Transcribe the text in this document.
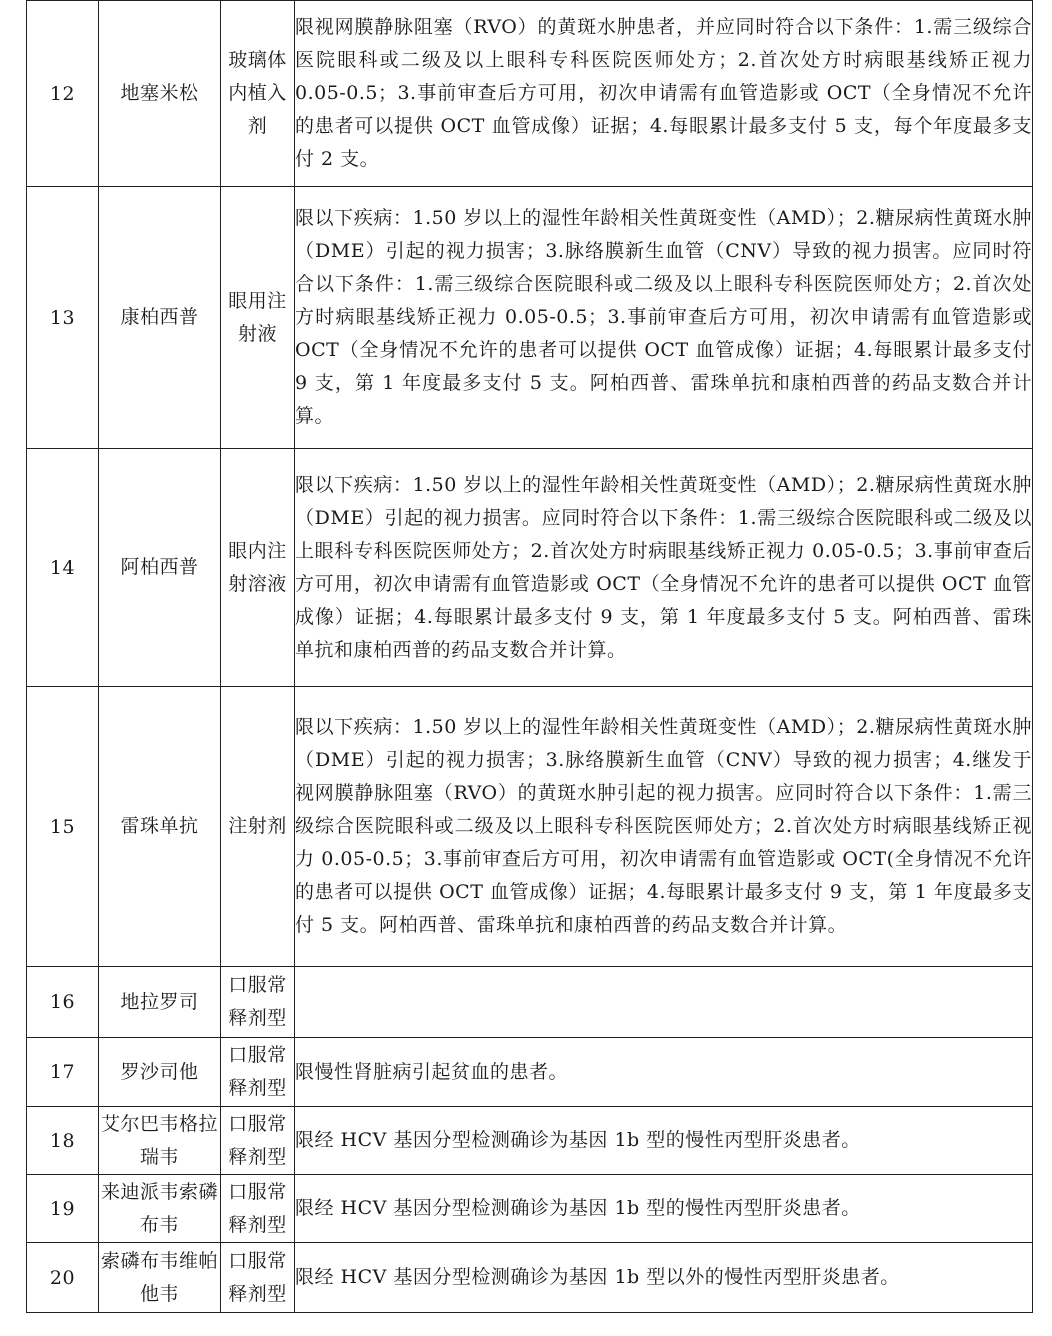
12	地塞米松	玻璃体内植入剂	限视网膜静脉阻塞（RVO）的黄斑水肿患者，并应同时符合以下条件：1.需三级综合医院眼科或二级及以上眼科专科医院医师处方；2.首次处方时病眼基线矫正视力 0.05-0.5；3.事前审查后方可用，初次申请需有血管造影或 OCT（全身情况不允许的患者可以提供 OCT 血管成像）证据；4.每眼累计最多支付 5 支，每个年度最多支付 2 支。

13	康柏西普	眼用注射液	限以下疾病：1.50 岁以上的湿性年龄相关性黄斑变性（AMD）；2.糖尿病性黄斑水肿（DME）引起的视力损害；3.脉络膜新生血管（CNV）导致的视力损害。应同时符合以下条件：1.需三级综合医院眼科或二级及以上眼科专科医院医师处方；2.首次处方时病眼基线矫正视力 0.05-0.5；3.事前审查后方可用，初次申请需有血管造影或 OCT（全身情况不允许的患者可以提供 OCT 血管成像）证据；4.每眼累计最多支付 9 支，第 1 年度最多支付 5 支。阿柏西普、雷珠单抗和康柏西普的药品支数合并计算。

14	阿柏西普	眼内注射溶液	限以下疾病：1.50 岁以上的湿性年龄相关性黄斑变性（AMD）；2.糖尿病性黄斑水肿（DME）引起的视力损害。应同时符合以下条件：1.需三级综合医院眼科或二级及以上眼科专科医院医师处方；2.首次处方时病眼基线矫正视力 0.05-0.5；3.事前审查后方可用，初次申请需有血管造影或 OCT（全身情况不允许的患者可以提供 OCT 血管成像）证据；4.每眼累计最多支付 9 支，第 1 年度最多支付 5 支。阿柏西普、雷珠单抗和康柏西普的药品支数合并计算。

15	雷珠单抗	注射剂	限以下疾病：1.50 岁以上的湿性年龄相关性黄斑变性（AMD）；2.糖尿病性黄斑水肿（DME）引起的视力损害；3.脉络膜新生血管（CNV）导致的视力损害；4.继发于视网膜静脉阻塞（RVO）的黄斑水肿引起的视力损害。应同时符合以下条件：1.需三级综合医院眼科或二级及以上眼科专科医院医师处方；2.首次处方时病眼基线矫正视力 0.05-0.5；3.事前审查后方可用，初次申请需有血管造影或 OCT(全身情况不允许的患者可以提供 OCT 血管成像）证据；4.每眼累计最多支付 9 支，第 1 年度最多支付 5 支。阿柏西普、雷珠单抗和康柏西普的药品支数合并计算。

16	地拉罗司	口服常释剂型	

17	罗沙司他	口服常释剂型	限慢性肾脏病引起贫血的患者。

18	艾尔巴韦格拉瑞韦	口服常释剂型	限经 HCV 基因分型检测确诊为基因 1b 型的慢性丙型肝炎患者。

19	来迪派韦索磷布韦	口服常释剂型	限经 HCV 基因分型检测确诊为基因 1b 型的慢性丙型肝炎患者。

20	索磷布韦维帕他韦	口服常释剂型	限经 HCV 基因分型检测确诊为基因 1b 型以外的慢性丙型肝炎患者。
